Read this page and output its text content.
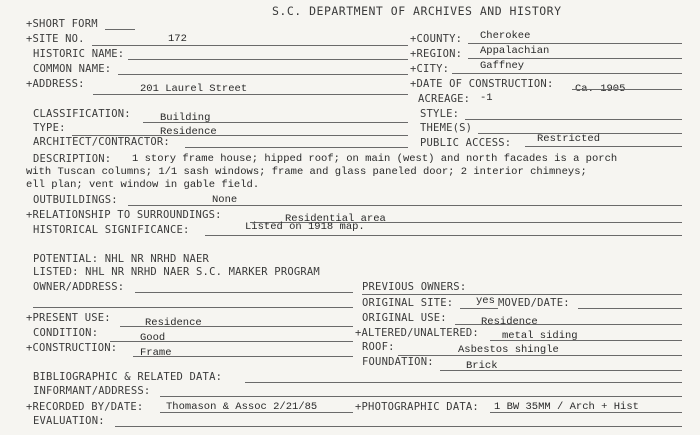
S.C. DEPARTMENT OF ARCHIVES AND HISTORY
+SHORT FORM
+SITE NO.	172	+COUNTY: Cherokee
HISTORIC NAME:	+REGION: Appalachian
COMMON NAME:	+CITY:	Gaffney
+ADDRESS:	201 Laurel Street	+DATE OF CONSTRUCTION: Ca. 1905
ACREAGE: -1
CLASSIFICATION:	Building	STYLE:
TYPE:	Residence	THEME(S)
ARCHITECT/CONTRACTOR:	PUBLIC ACCESS: Restricted
DESCRIPTION: 1 story frame house; hipped roof; on main (west) and north facades is a porch
with Tuscan columns; 1/1 sash windows; frame and glass paneled door; 2 interior chimneys;
ell plan; vent window in gable field.
OUTBUILDINGS:	None
+RELATIONSHIP TO SURROUNDINGS:	Residential area
HISTORICAL SIGNIFICANCE:	Listed on 1918 map.
POTENTIAL: NHL NR NRHD NAER
LISTED: NHL NR NRHD NAER S.C. MARKER PROGRAM
OWNER/ADDRESS:	PREVIOUS OWNERS:
ORIGINAL SITE: yes MOVED/DATE:
+PRESENT USE:	Residence	ORIGINAL USE:	Residence
CONDITION:	Good	+ALTERED/UNALTERED: metal siding
+CONSTRUCTION: Frame	ROOF:	Asbestos shingle
FOUNDATION:	Brick
BIBLIOGRAPHIC & RELATED DATA:
INFORMANT/ADDRESS:
+RECORDED BY/DATE: Thomason & Assoc 2/21/85	+PHOTOGRAPHIC DATA: 1 BW 35MM / Arch + Hist
EVALUATION:
